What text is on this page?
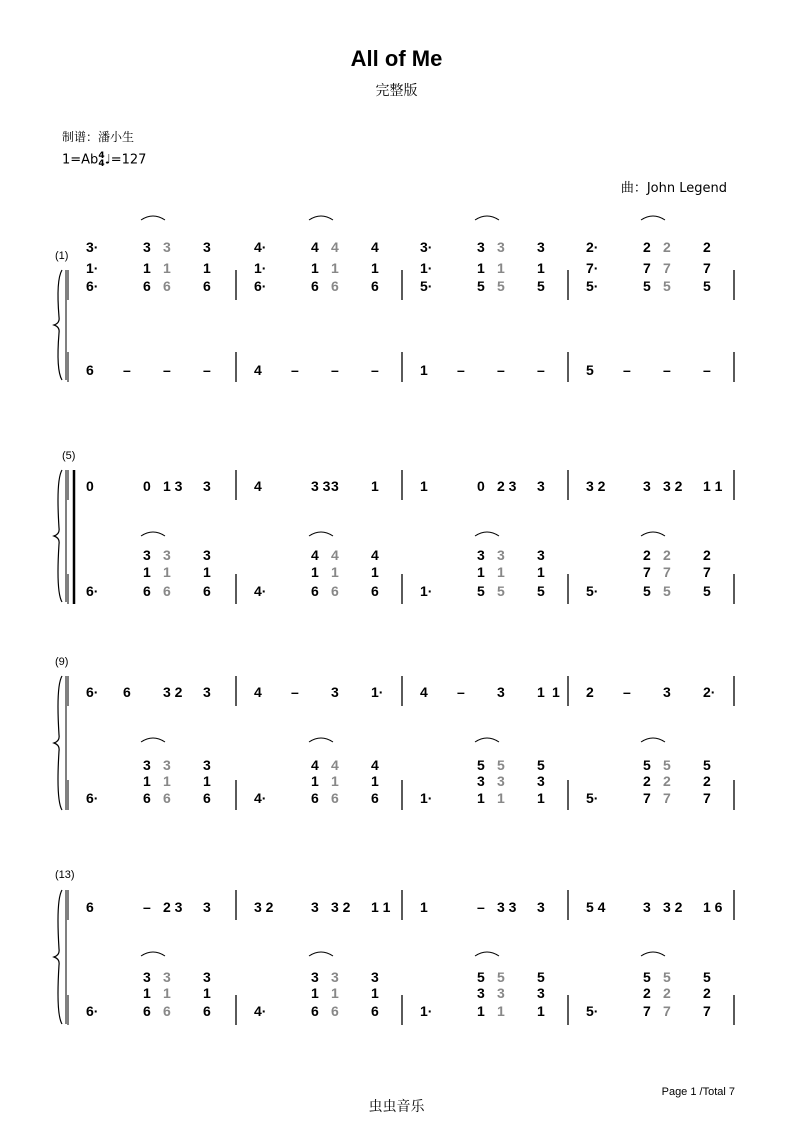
All of Me
完整版
制谱：潘小生
1=Ab4
4♩=127
曲：John Legend
(1)
3·	3 3 3	4·	4 4 4	3·	3 3 3	2·	2 2 2
1·	1 1 1	1·	1 1 1	1·	1 1 1	7·	7 7 7
6·	6 6 6	6·	6 6 6	5·	5 5 5	5·	5 5 5
6 – – –	4 – – –	1 – – –	5 – – –
(5)
0	0 1 3 3	4	3 3 3 1	1	0 2 3 3	3 2	3 3 2 1 1
3 3 3	4 4 4	3 3 3	2 2 2
1 1 1	1 1 1	1 1 1	7 7 7
6·	6 6 6	4·	6 6 6	1·	5 5 5	5·	5 5 5
(9)
6· 6 3 2 3	4 – 3 1·	4 – 3 1 1 2 – 3 2·
3 3 3	4 4 4	5 5 5	5 5 5
1 1 1	1 1 1	3 3 3	2 2 2
6·	6 6 6	4·	6 6 6	1·	1 1 1	5·	7 7 7
(13)
6	– 2 3 3	3 2	3 3 2 1 1 1	– 3 3 3	5 4	3 3 2 1 6
3 3 3	3 3 3	5 5 5	5 5 5
1 1 1	1 1 1	3 3 3	2 2 2
6·	6 6 6	4·	6 6 6	1·	1 1 1	5·	7 7 7
虫虫音乐
Page 1 /Total 7
